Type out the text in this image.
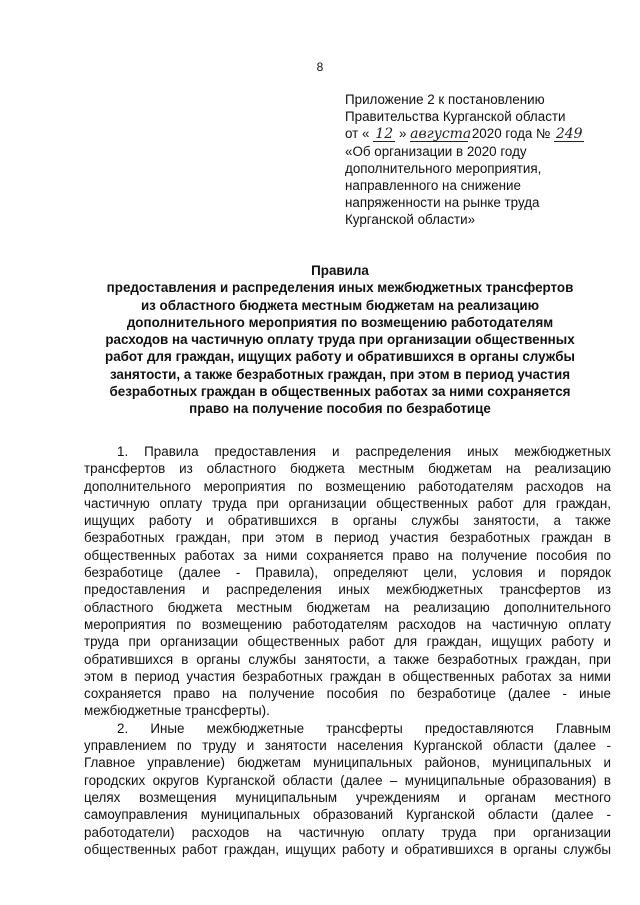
8
Приложение 2 к постановлению
Правительства Курганской области
от « 12 » августа 2020 года № 249
«Об организации в 2020 году
дополнительного мероприятия,
направленного на снижение
напряженности на рынке труда
Курганской области»
Правила
предоставления и распределения иных межбюджетных трансфертов
из областного бюджета местным бюджетам на реализацию
дополнительного мероприятия по возмещению работодателям
расходов на частичную оплату труда при организации общественных
работ для граждан, ищущих работу и обратившихся в органы службы
занятости, а также безработных граждан, при этом в период участия
безработных граждан в общественных работах за ними сохраняется
право на получение пособия по безработице
1. Правила предоставления и распределения иных межбюджетных
трансфертов из областного бюджета местным бюджетам на реализацию
дополнительного мероприятия по возмещению работодателям расходов на
частичную оплату труда при организации общественных работ для граждан,
ищущих работу и обратившихся в органы службы занятости, а также
безработных граждан, при этом в период участия безработных граждан в
общественных работах за ними сохраняется право на получение пособия по
безработице (далее - Правила), определяют цели, условия и порядок
предоставления и распределения иных межбюджетных трансфертов из
областного бюджета местным бюджетам на реализацию дополнительного
мероприятия по возмещению работодателям расходов на частичную оплату
труда при организации общественных работ для граждан, ищущих работу и
обратившихся в органы службы занятости, а также безработных граждан, при
этом в период участия безработных граждан в общественных работах за ними
сохраняется право на получение пособия по безработице (далее - иные
межбюджетные трансферты).
2. Иные межбюджетные трансферты предоставляются Главным
управлением по труду и занятости населения Курганской области (далее -
Главное управление) бюджетам муниципальных районов, муниципальных и
городских округов Курганской области (далее – муниципальные образования) в
целях возмещения муниципальным учреждениям и органам местного
самоуправления муниципальных образований Курганской области (далее -
работодатели) расходов на частичную оплату труда при организации
общественных работ граждан, ищущих работу и обратившихся в органы службы
